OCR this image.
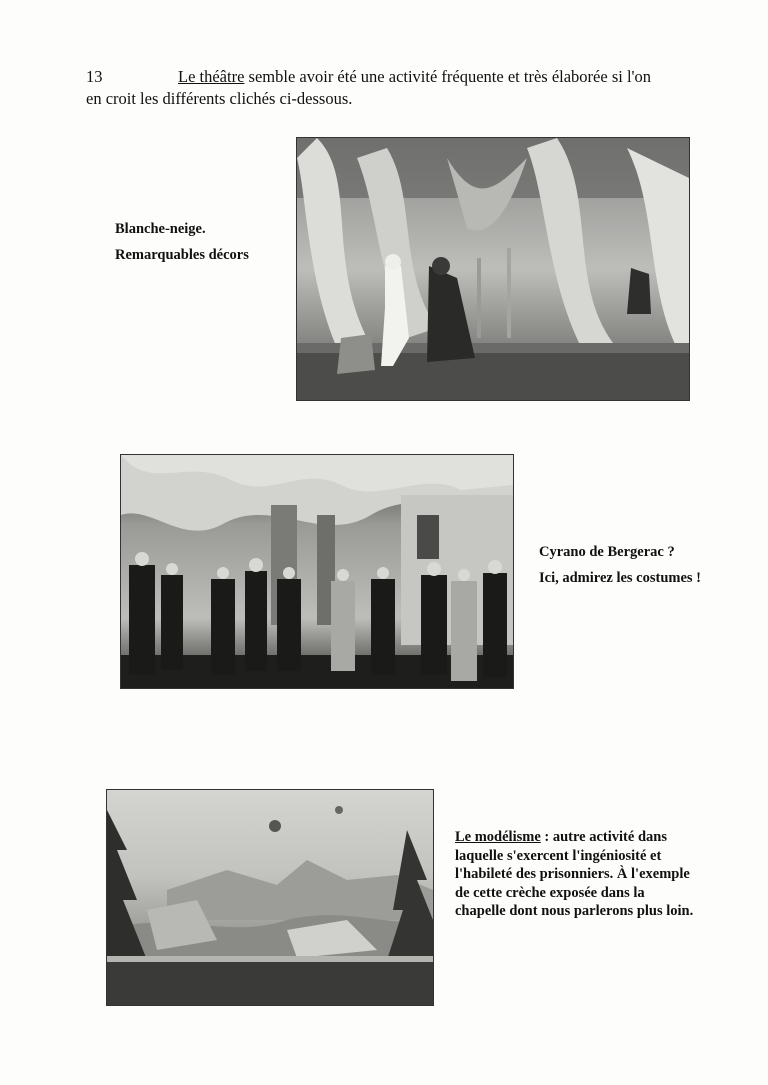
13	Le théâtre semble avoir été une activité fréquente et très élaborée si l'on
en croit les différents clichés ci-dessous.
Blanche-neige.
Remarquables décors
Cyrano de Bergerac ?
Ici, admirez les costumes !
Le modélisme : autre activité dans
laquelle s'exercent l'ingéniosité et
l'habileté des prisonniers. À l'exemple
de cette crèche exposée dans la
chapelle dont nous parlerons plus loin.
